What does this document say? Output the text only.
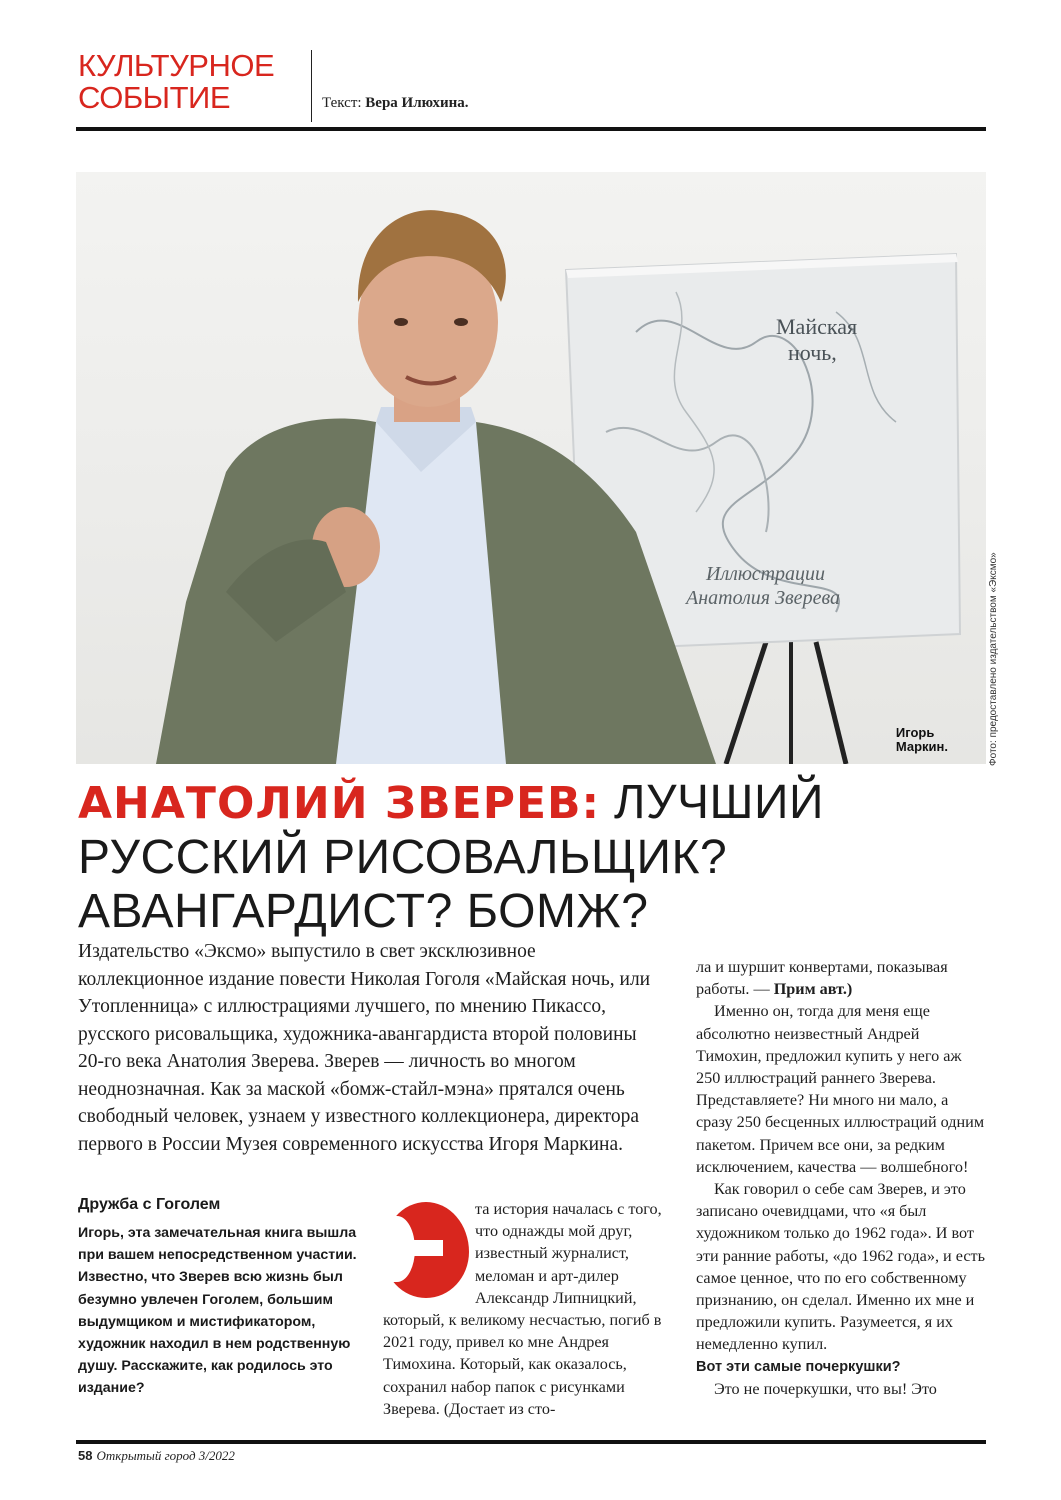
КУЛЬТУРНОЕ
СОБЫТИЕ	Текст: Вера Илюхина.
Майская
ночь,
Иллюстрации
Анатолия Зверева
Игорь
Маркин.	Фото: предоставлено издательством «Эксмо»
АНАТОЛИЙ ЗВЕРЕВ: ЛУЧШИЙ
РУССКИЙ РИСОВАЛЬЩИК?
АВАНГАРДИСТ? БОМЖ?
Издательство «Эксмо» выпустило в свет эксклюзивное коллекционное издание повести Николая Гоголя «Майская ночь, или Утопленница» с иллюстрациями лучшего, по мнению Пикассо, русского рисовальщика, художника-авангардиста второй половины 20-го века Анатолия Зверева. Зверев — личность во многом неоднозначная. Как за маской «бомж-стайл-мэна» прятался очень свободный человек, узнаем у известного коллекционера, директора первого в России Музея современного искусства Игоря Маркина.
Дружба с Гоголем
Игорь, эта замечательная книга вышла при вашем непосредственном участии. Известно, что Зверев всю жизнь был безумно увлечен Гоголем, большим выдумщиком и мистификатором, художник находил в нем родственную душу. Расскажите, как родилось это издание?
та история началась с того, что однажды мой друг, известный журналист, меломан и арт-дилер Александр Липницкий, который, к великому несчастью, погиб в 2021 году, привел ко мне Андрея Тимохина. Который, как оказалось, сохранил набор папок с рисунками Зверева. (Достает из сто-

ла и шуршит конвертами, показывая работы. — Прим авт.)

Именно он, тогда для меня еще абсолютно неизвестный Андрей Тимохин, предложил купить у него аж 250 иллюстраций раннего Зверева. Представляете? Ни много ни мало, а сразу 250 бесценных иллюстраций одним пакетом. Причем все они, за редким исключением, качества — волшебного!

Как говорил о себе сам Зверев, и это записано очевидцами, что «я был художником только до 1962 года». И вот эти ранние работы, «до 1962 года», и есть самое ценное, что по его собственному признанию, он сделал. Именно их мне и предложили купить. Разумеется, я их немедленно купил.

Вот эти самые почеркушки?

Это не почеркушки, что вы! Это

58 Открытый город 3/2022
